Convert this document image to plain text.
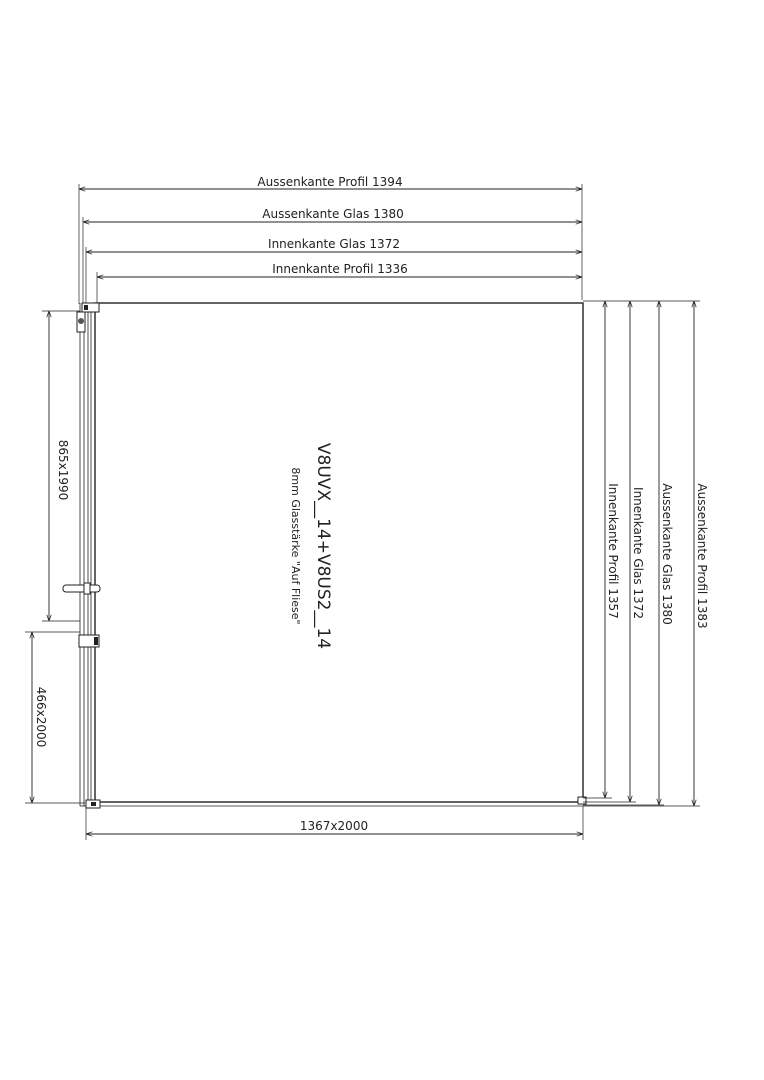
Aussenkante Profil 1394
Aussenkante Glas 1380
Innenkante Glas 1372
Innenkante Profil 1336
V8UVX__14+V8US2__14
8mm Glasstärke "Auf Fliese"	Innenkante Profil 1357 Innenkante Glas 1372 Aussenkante Glas 1380 Aussenkante Profil 1383
865x1990
466x2000
1367x2000
